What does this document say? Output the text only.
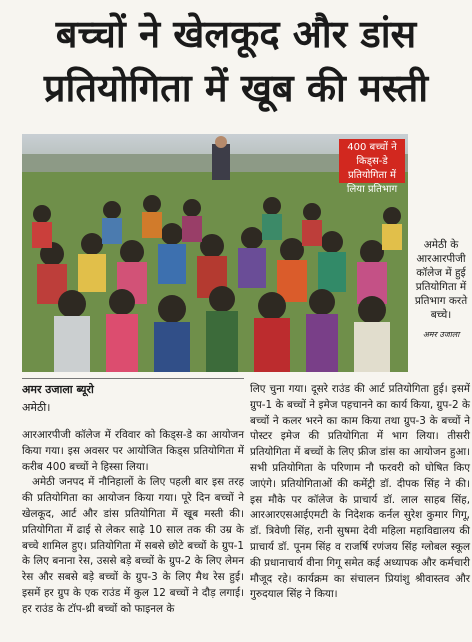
बच्चों ने खेलकूद और डांस
प्रतियोगिता में खूब की मस्ती
400 बच्चों ने किड्स-डे प्रतियोगिता में लिया प्रतिभाग
अमेठी के आरआरपीजी कॉलेज में हुई प्रतियोगिता में प्रतिभाग करते बच्चे।
अमर उजाला
अमर उजाला ब्यूरो
अमेठी।

आरआरपीजी कॉलेज में रविवार को किड्स-डे का आयोजन किया गया। इस अवसर पर आयोजित किड्स प्रतियोगिता में करीब 400 बच्चों ने हिस्सा लिया।

अमेठी जनपद में नौनिहालों के लिए पहली बार इस तरह की प्रतियोगिता का आयोजन किया गया। पूरे दिन बच्चों ने खेलकूद, आर्ट और डांस प्रतियोगिता में खूब मस्ती की। प्रतियोगिता में ढाई से लेकर साढ़े 10 साल तक की उम्र के बच्चे शामिल हुए। प्रतियोगिता में सबसे छोटे बच्चों के ग्रुप-1 के लिए बनाना रेस, उससे बड़े बच्चों के ग्रुप-2 के लिए लेमन रेस और सबसे बड़े बच्चों के ग्रुप-3 के लिए मैथ रेस हुई। इसमें हर ग्रुप के एक राउंड में कुल 12 बच्चों ने दौड़ लगाई। हर राउंड के टॉप-थ्री बच्चों को फाइनल के

लिए चुना गया। दूसरे राउंड की आर्ट प्रतियोगिता हुई। इसमें ग्रुप-1 के बच्चों ने इमेज पहचानने का कार्य किया, ग्रुप-2 के बच्चों ने कलर भरने का काम किया तथा ग्रुप-3 के बच्चों ने पोस्टर इमेज की प्रतियोगिता में भाग लिया। तीसरी प्रतियोगिता में बच्चों के लिए फ्रीज डांस का आयोजन हुआ। सभी प्रतियोगिता के परिणाम नौ फरवरी को घोषित किए जाएंगे। प्रतियोगिताओं की कमेंट्री डॉ. दीपक सिंह ने की। इस मौके पर कॉलेज के प्राचार्य डॉ. लाल साहब सिंह, आरआरएसआईएमटी के निदेशक कर्नल सुरेश कुमार गिगू, डॉ. त्रिवेणी सिंह, रानी सुषमा देवी महिला महाविद्यालय की प्राचार्य डॉ. पूनम सिंह व राजर्षि रणंजय सिंह ग्लोबल स्कूल की प्रधानाचार्य वीना गिगू समेत कई अध्यापक और कर्मचारी मौजूद रहे। कार्यक्रम का संचालन प्रियांशु श्रीवास्तव और गुरुदयाल सिंह ने किया।
